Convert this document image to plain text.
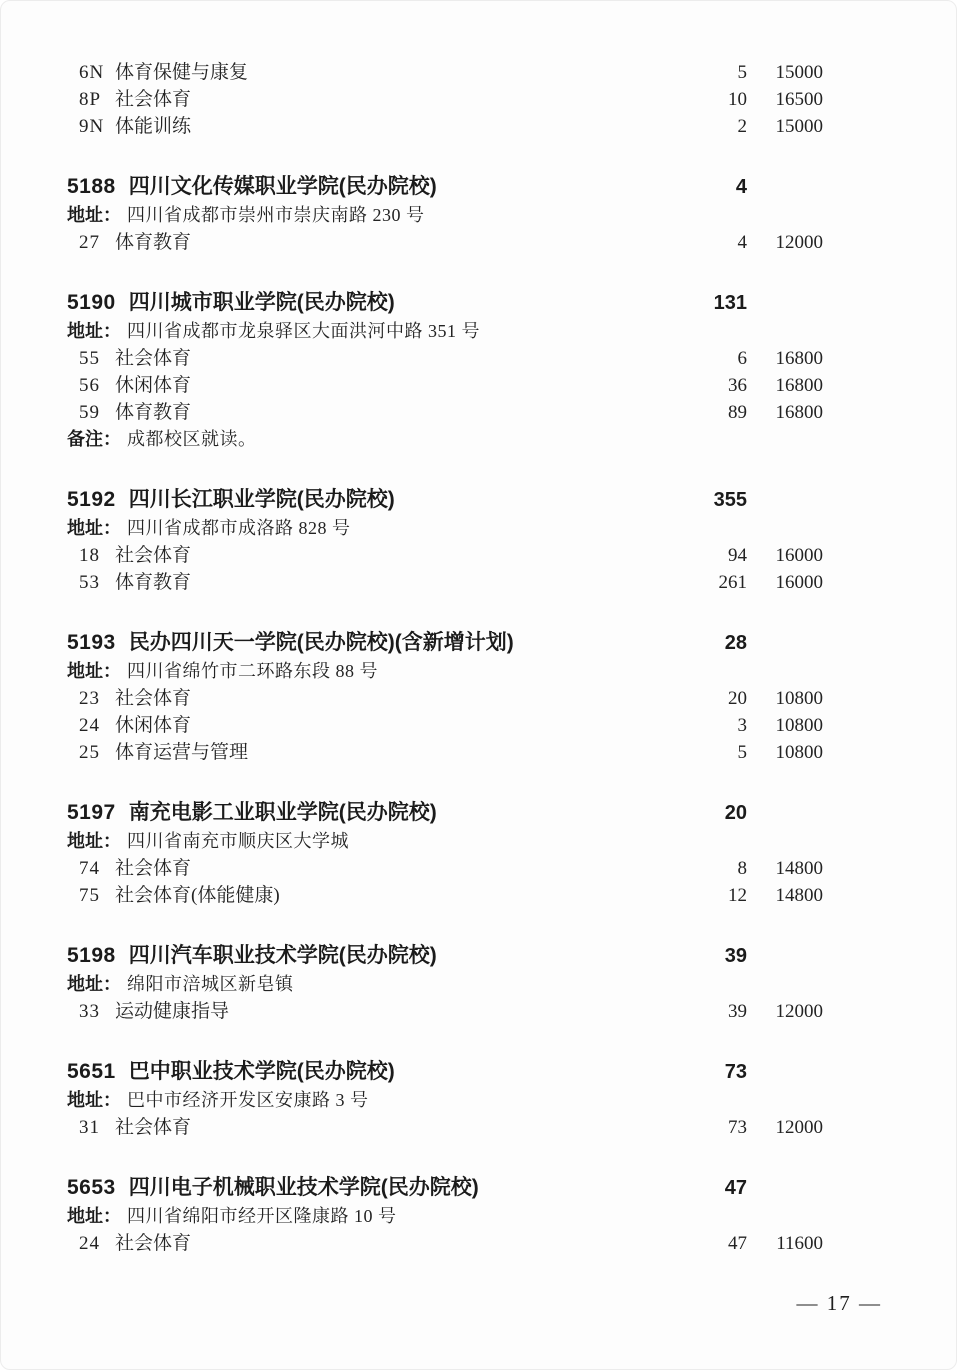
6N 体育保健与康复	5	15000
8P 社会体育	10	16500
9N 体能训练	2	15000
5188 四川文化传媒职业学院(民办院校)	4
地址： 四川省成都市崇州市崇庆南路 230 号
27 体育教育	4	12000
5190 四川城市职业学院(民办院校)	131
地址： 四川省成都市龙泉驿区大面洪河中路 351 号
55 社会体育	6	16800
56 休闲体育	36	16800
59 体育教育	89	16800
备注： 成都校区就读。
5192 四川长江职业学院(民办院校)	355
地址： 四川省成都市成洛路 828 号
18 社会体育	94	16000
53 体育教育	261	16000
5193 民办四川天一学院(民办院校)(含新增计划)	28
地址： 四川省绵竹市二环路东段 88 号
23 社会体育	20	10800
24 休闲体育	3	10800
25 体育运营与管理	5	10800
5197 南充电影工业职业学院(民办院校)	20
地址： 四川省南充市顺庆区大学城
74 社会体育	8	14800
75 社会体育(体能健康)	12	14800
5198 四川汽车职业技术学院(民办院校)	39
地址： 绵阳市涪城区新皂镇
33 运动健康指导	39	12000
5651 巴中职业技术学院(民办院校)	73
地址： 巴中市经济开发区安康路 3 号
31 社会体育	73	12000
5653 四川电子机械职业技术学院(民办院校)	47
地址： 四川省绵阳市经开区隆康路 10 号
24 社会体育	47	11600
— 17 —
